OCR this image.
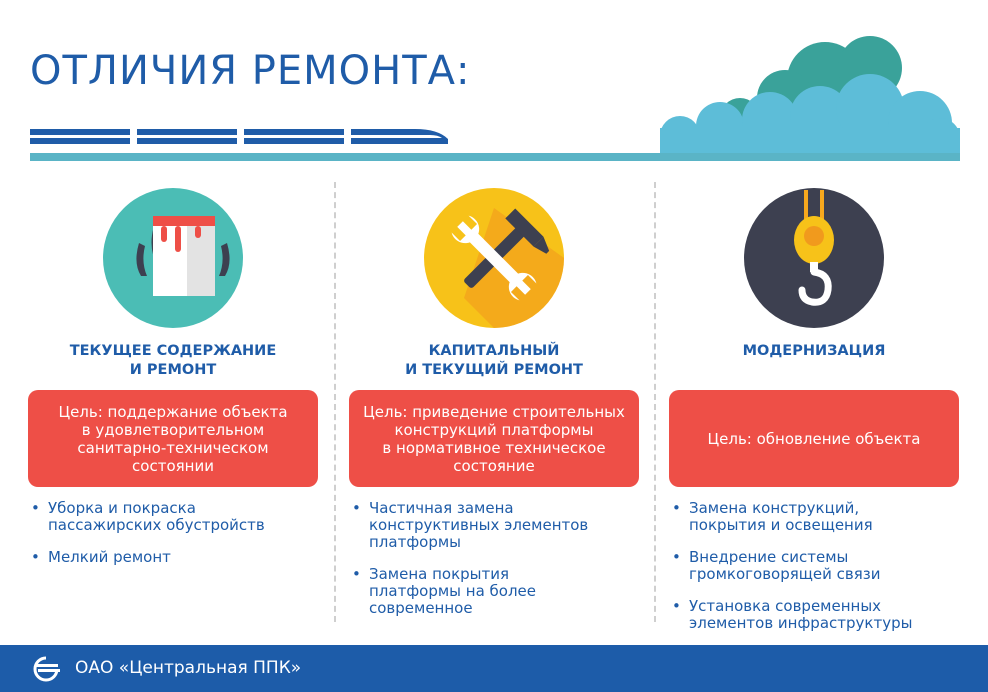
ОТЛИЧИЯ РЕМОНТА:
ТЕКУЩЕЕ СОДЕРЖАНИЕ
И РЕМОНТ
Цель: поддержание объекта
в удовлетворительном
санитарно-техническом
состоянии
• Уборка и покраска
пассажирских обустройств
• Мелкий ремонт
КАПИТАЛЬНЫЙ
И ТЕКУЩИЙ РЕМОНТ
Цель: приведение строительных
конструкций платформы
в нормативное техническое
состояние
• Частичная замена
конструктивных элементов
платформы
• Замена покрытия
платформы на более
современное
МОДЕРНИЗАЦИЯ
Цель: обновление объекта
• Замена конструкций,
покрытия и освещения
• Внедрение системы
громкоговорящей связи
• Установка современных
элементов инфраструктуры
ОАО «Центральная ППК»
